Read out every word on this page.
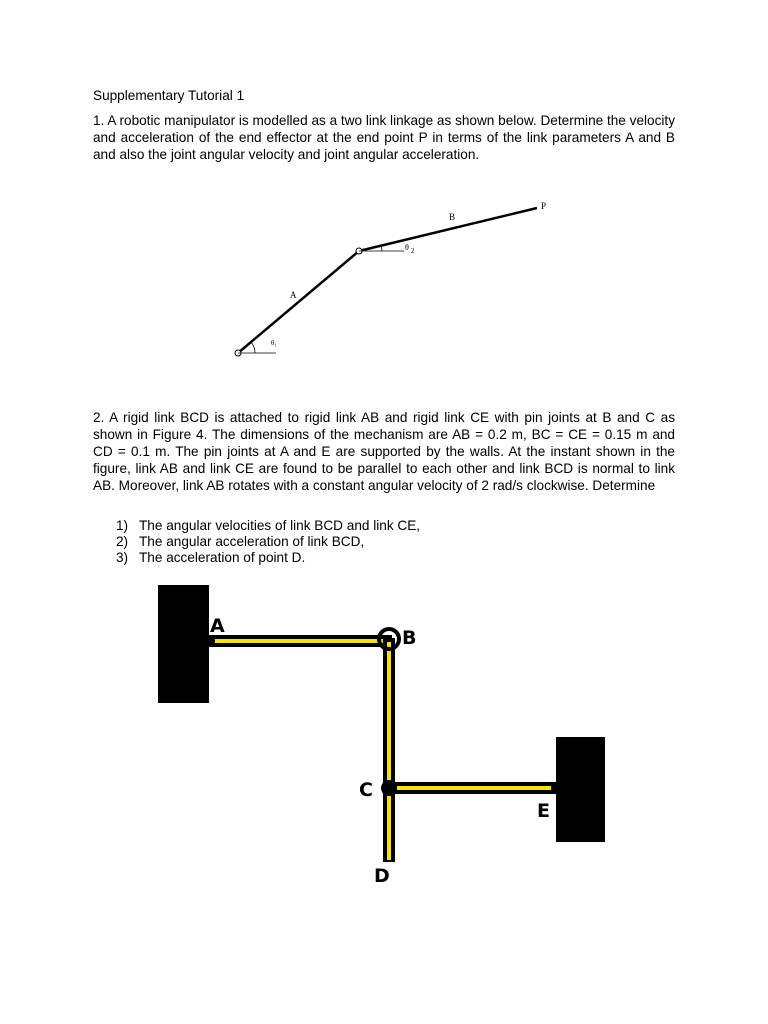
Supplementary Tutorial 1
1. A robotic manipulator is modelled as a two link linkage as shown below. Determine the velocity and acceleration of the end effector at the end point P in terms of the link parameters A and B and also the joint angular velocity and joint angular acceleration.
A
B
P
θ₁
θ 2
2. A rigid link BCD is attached to rigid link AB and rigid link CE with pin joints at B and C as shown in Figure 4. The dimensions of the mechanism are AB = 0.2 m, BC = CE = 0.15 m and CD = 0.1 m. The pin joints at A and E are supported by the walls. At the instant shown in the figure, link AB and link CE are found to be parallel to each other and link BCD is normal to link AB. Moreover, link AB rotates with a constant angular velocity of 2 rad/s clockwise. Determine
1) The angular velocities of link BCD and link CE,
2) The angular acceleration of link BCD,
3) The acceleration of point D.
A
B
C
D
E
